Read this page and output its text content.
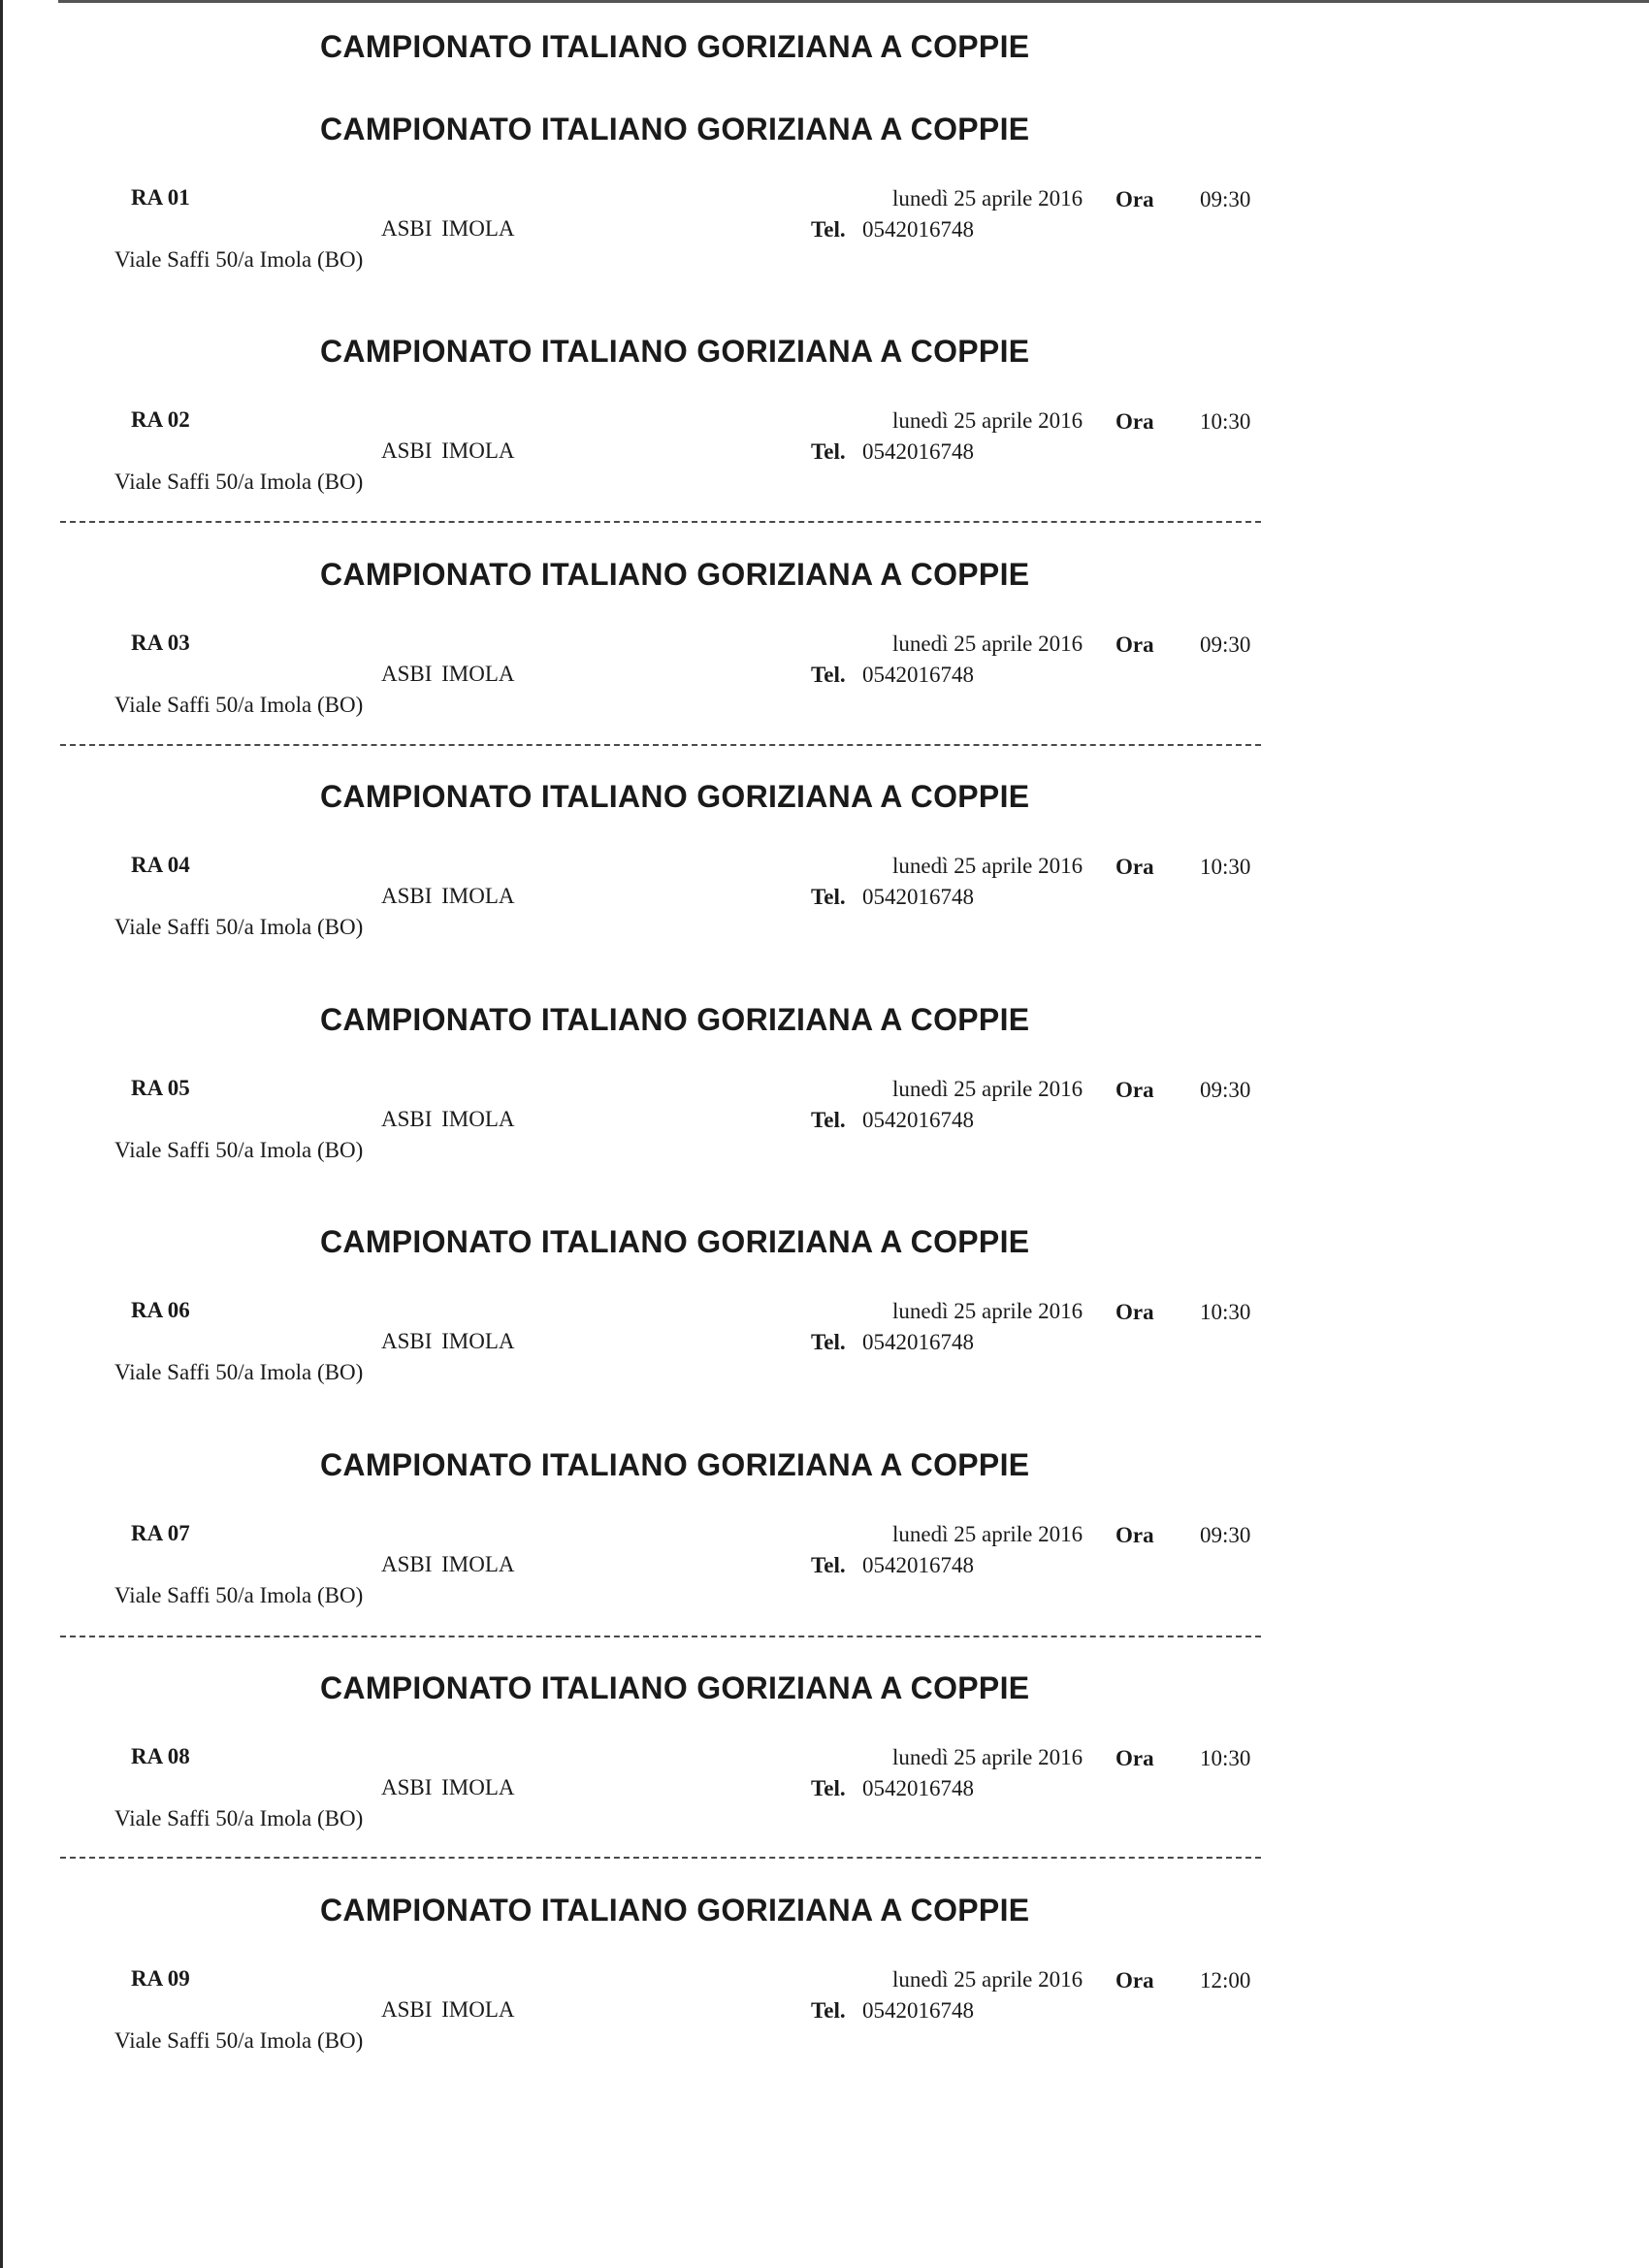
CAMPIONATO ITALIANO GORIZIANA A COPPIE
CAMPIONATO ITALIANO GORIZIANA A COPPIE
RA 01	lunedì 25 aprile 2016 Ora 09:30
ASBI IMOLA	Tel. 0542016748
Viale Saffi 50/a Imola (BO)
CAMPIONATO ITALIANO GORIZIANA A COPPIE
RA 02	lunedì 25 aprile 2016 Ora 10:30
ASBI IMOLA	Tel. 0542016748
Viale Saffi 50/a Imola (BO)
CAMPIONATO ITALIANO GORIZIANA A COPPIE
RA 03	lunedì 25 aprile 2016 Ora 09:30
ASBI IMOLA	Tel. 0542016748
Viale Saffi 50/a Imola (BO)
CAMPIONATO ITALIANO GORIZIANA A COPPIE
RA 04	lunedì 25 aprile 2016 Ora 10:30
ASBI IMOLA	Tel. 0542016748
Viale Saffi 50/a Imola (BO)
CAMPIONATO ITALIANO GORIZIANA A COPPIE
RA 05	lunedì 25 aprile 2016 Ora 09:30
ASBI IMOLA	Tel. 0542016748
Viale Saffi 50/a Imola (BO)
CAMPIONATO ITALIANO GORIZIANA A COPPIE
RA 06	lunedì 25 aprile 2016 Ora 10:30
ASBI IMOLA	Tel. 0542016748
Viale Saffi 50/a Imola (BO)
CAMPIONATO ITALIANO GORIZIANA A COPPIE
RA 07	lunedì 25 aprile 2016 Ora 09:30
ASBI IMOLA	Tel. 0542016748
Viale Saffi 50/a Imola (BO)
CAMPIONATO ITALIANO GORIZIANA A COPPIE
RA 08	lunedì 25 aprile 2016 Ora 10:30
ASBI IMOLA	Tel. 0542016748
Viale Saffi 50/a Imola (BO)
CAMPIONATO ITALIANO GORIZIANA A COPPIE
RA 09	lunedì 25 aprile 2016 Ora 12:00
ASBI IMOLA	Tel. 0542016748
Viale Saffi 50/a Imola (BO)
